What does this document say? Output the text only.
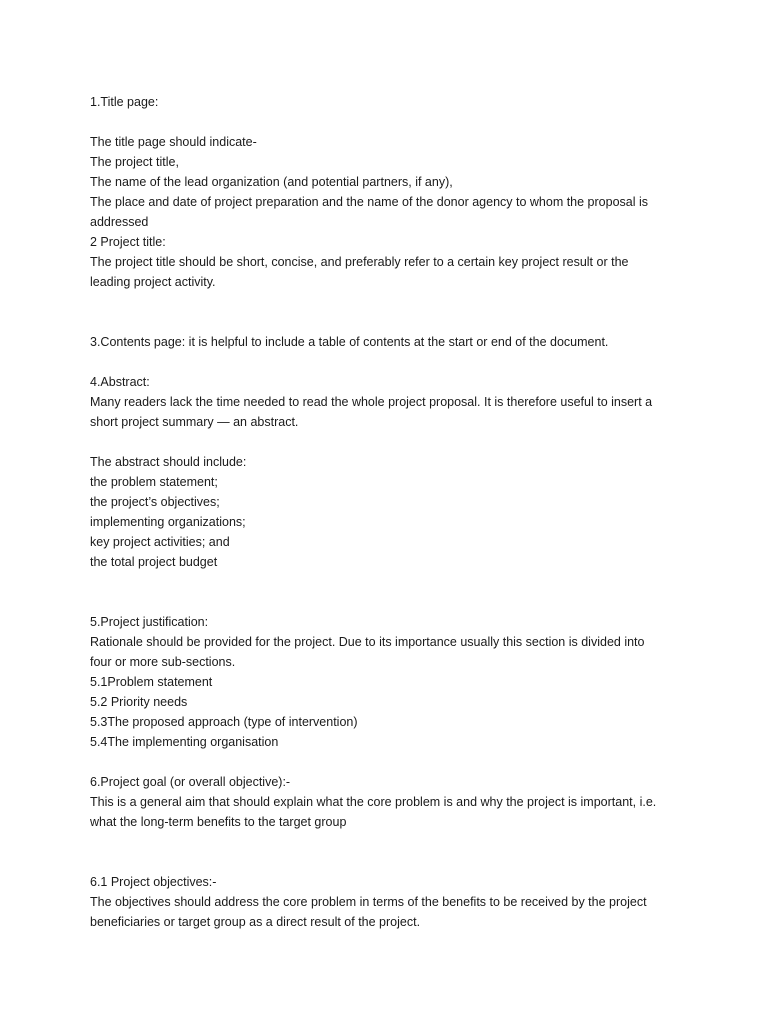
1.Title page:
The title page should indicate-
The project title,
The name of the lead organization (and potential partners, if any),
The place and date of project preparation and the name of the donor agency to whom the proposal is
addressed
2 Project title:
The project title should be short, concise, and preferably refer to a certain key project result or the
leading project activity.
3.Contents page: it is helpful to include a table of contents at the start or end of the document.
4.Abstract:
Many readers lack the time needed to read the whole project proposal. It is therefore useful to insert a
short project summary — an abstract.
The abstract should include:
the problem statement;
the project’s objectives;
implementing organizations;
key project activities; and
the total project budget
5.Project justification:
Rationale should be provided for the project. Due to its importance usually this section is divided into
four or more sub-sections.
5.1Problem statement
5.2 Priority needs
5.3The proposed approach (type of intervention)
5.4The implementing organisation
6.Project goal (or overall objective):-
This is a general aim that should explain what the core problem is and why the project is important, i.e.
what the long-term benefits to the target group
6.1 Project objectives:-
The objectives should address the core problem in terms of the benefits to be received by the project
beneficiaries or target group as a direct result of the project.
